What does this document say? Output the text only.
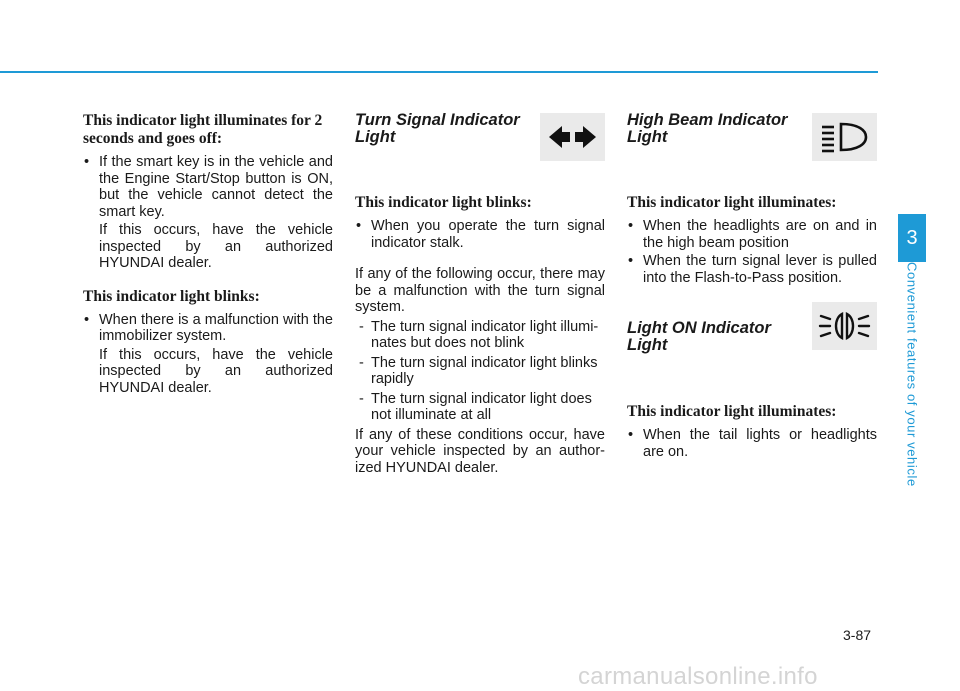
This indicator light illuminates for 2 seconds and goes off:

• If the smart key is in the vehicle and the Engine Start/Stop button is ON, but the vehicle cannot detect the smart key.

If this occurs, have the vehicle inspected by an authorized HYUNDAI dealer.

This indicator light blinks:

• When there is a malfunction with the immobilizer system.

If this occurs, have the vehicle inspected by an authorized HYUNDAI dealer.

Turn Signal Indicator Light

This indicator light blinks:

• When you operate the turn signal indicator stalk.

If any of the following occur, there may be a malfunction with the turn signal system.

- The turn signal indicator light illumi-nates but does not blink

- The turn signal indicator light blinks rapidly

- The turn signal indicator light does not illuminate at all

If any of these conditions occur, have your vehicle inspected by an author-ized HYUNDAI dealer.

High Beam Indicator Light

This indicator light illuminates:

• When the headlights are on and in the high beam position

• When the turn signal lever is pulled into the Flash-to-Pass position.

Light ON Indicator Light

This indicator light illuminates:

• When the tail lights or headlights are on.

3
Convenient features of your vehicle
3-87
carmanualsonline.info
